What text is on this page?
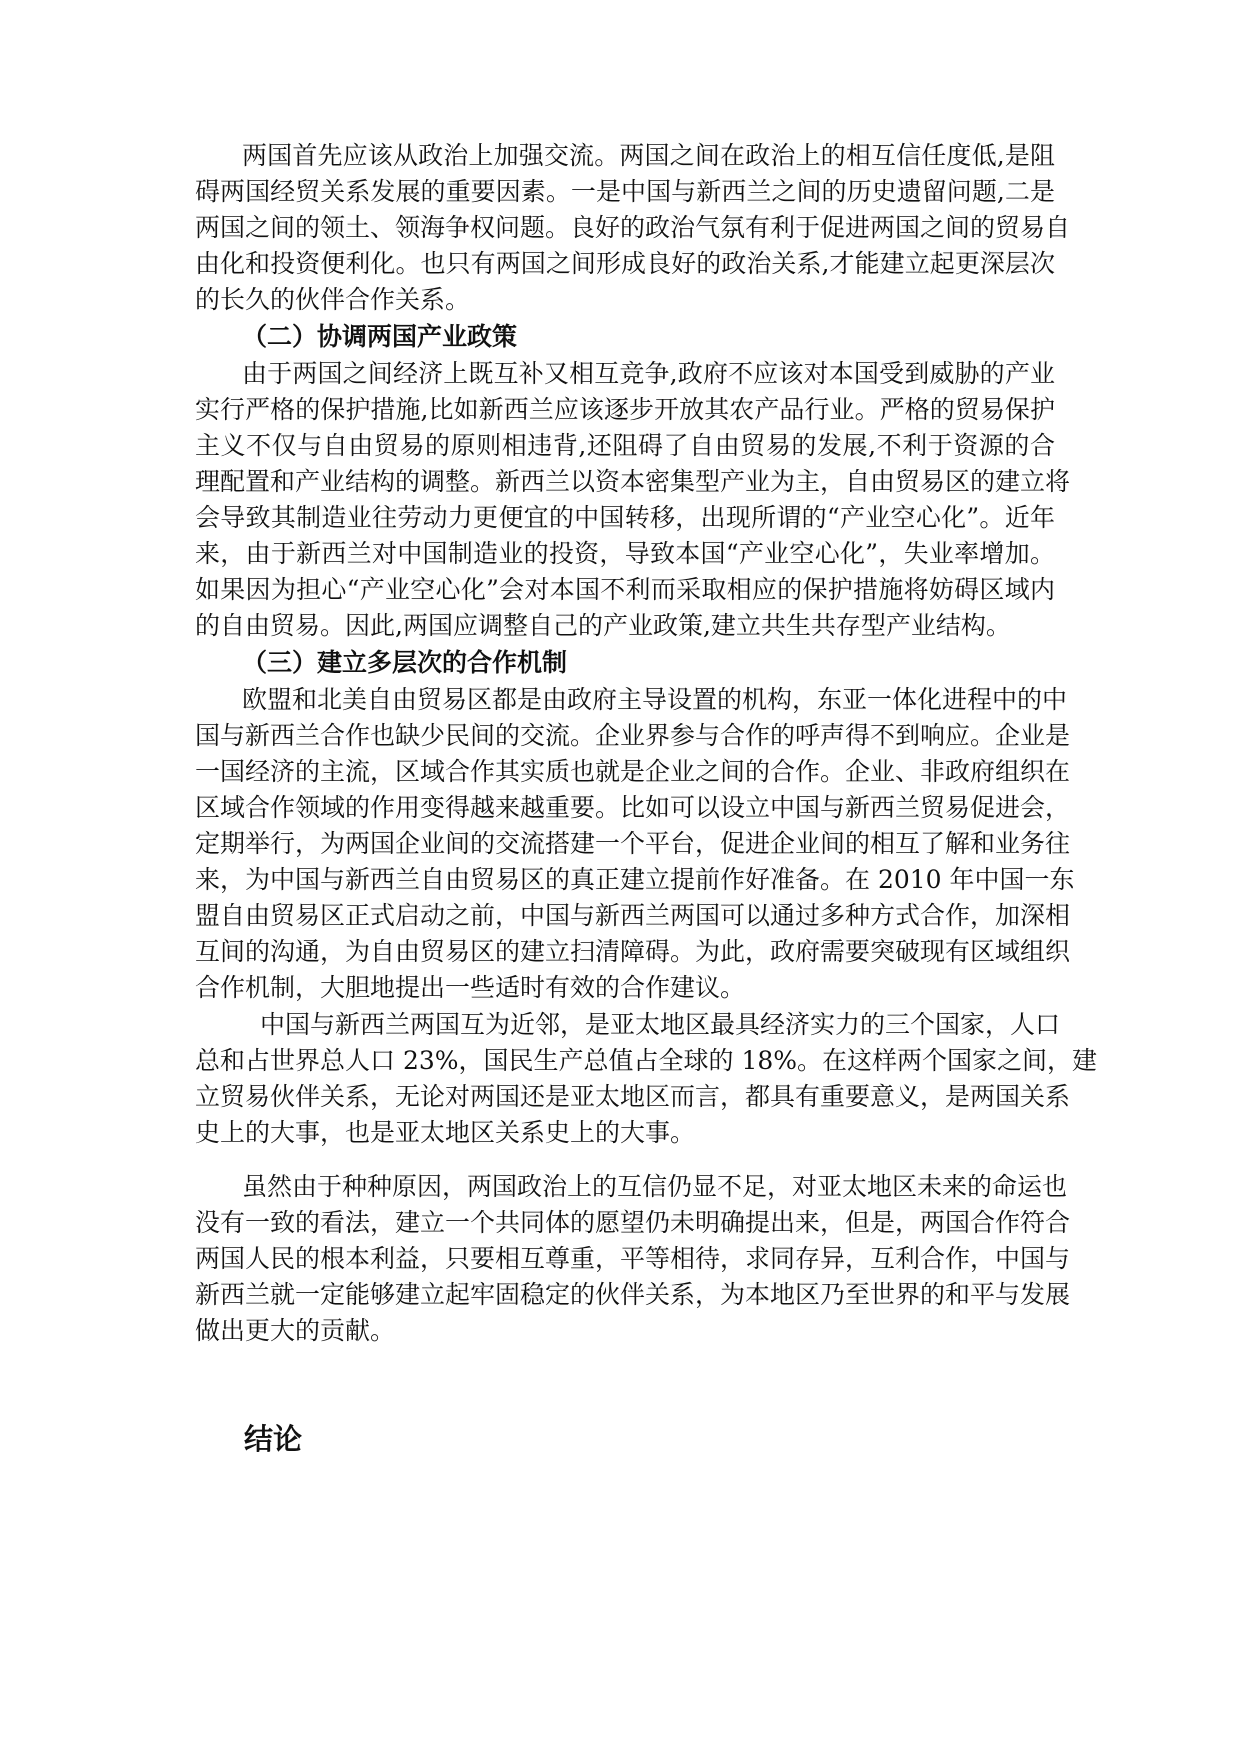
两国首先应该从政治上加强交流。两国之间在政治上的相互信任度低,是阻
碍两国经贸关系发展的重要因素。一是中国与新西兰之间的历史遗留问题,二是
两国之间的领土、领海争权问题。良好的政治气氛有利于促进两国之间的贸易自
由化和投资便利化。也只有两国之间形成良好的政治关系,才能建立起更深层次
的长久的伙伴合作关系。
（二）协调两国产业政策
由于两国之间经济上既互补又相互竞争,政府不应该对本国受到威胁的产业
实行严格的保护措施,比如新西兰应该逐步开放其农产品行业。严格的贸易保护
主义不仅与自由贸易的原则相违背,还阻碍了自由贸易的发展,不利于资源的合
理配置和产业结构的调整。新西兰以资本密集型产业为主，自由贸易区的建立将
会导致其制造业往劳动力更便宜的中国转移，出现所谓的“产业空心化”。近年
来，由于新西兰对中国制造业的投资，导致本国“产业空心化”，失业率增加。
如果因为担心“产业空心化”会对本国不利而采取相应的保护措施将妨碍区域内
的自由贸易。因此,两国应调整自己的产业政策,建立共生共存型产业结构。
（三）建立多层次的合作机制
欧盟和北美自由贸易区都是由政府主导设置的机构，东亚一体化进程中的中
国与新西兰合作也缺少民间的交流。企业界参与合作的呼声得不到响应。企业是
一国经济的主流，区域合作其实质也就是企业之间的合作。企业、非政府组织在
区域合作领域的作用变得越来越重要。比如可以设立中国与新西兰贸易促进会，
定期举行，为两国企业间的交流搭建一个平台，促进企业间的相互了解和业务往
来，为中国与新西兰自由贸易区的真正建立提前作好准备。在 2010 年中国一东
盟自由贸易区正式启动之前，中国与新西兰两国可以通过多种方式合作，加深相
互间的沟通，为自由贸易区的建立扫清障碍。为此，政府需要突破现有区域组织
合作机制，大胆地提出一些适时有效的合作建议。
中国与新西兰两国互为近邻，是亚太地区最具经济实力的三个国家，人口
总和占世界总人口 23%，国民生产总值占全球的 18%。在这样两个国家之间，建
立贸易伙伴关系，无论对两国还是亚太地区而言，都具有重要意义，是两国关系
史上的大事，也是亚太地区关系史上的大事。
虽然由于种种原因，两国政治上的互信仍显不足，对亚太地区未来的命运也
没有一致的看法，建立一个共同体的愿望仍未明确提出来，但是，两国合作符合
两国人民的根本利益，只要相互尊重，平等相待，求同存异，互利合作，中国与
新西兰就一定能够建立起牢固稳定的伙伴关系，为本地区乃至世界的和平与发展
做出更大的贡献。
结论
